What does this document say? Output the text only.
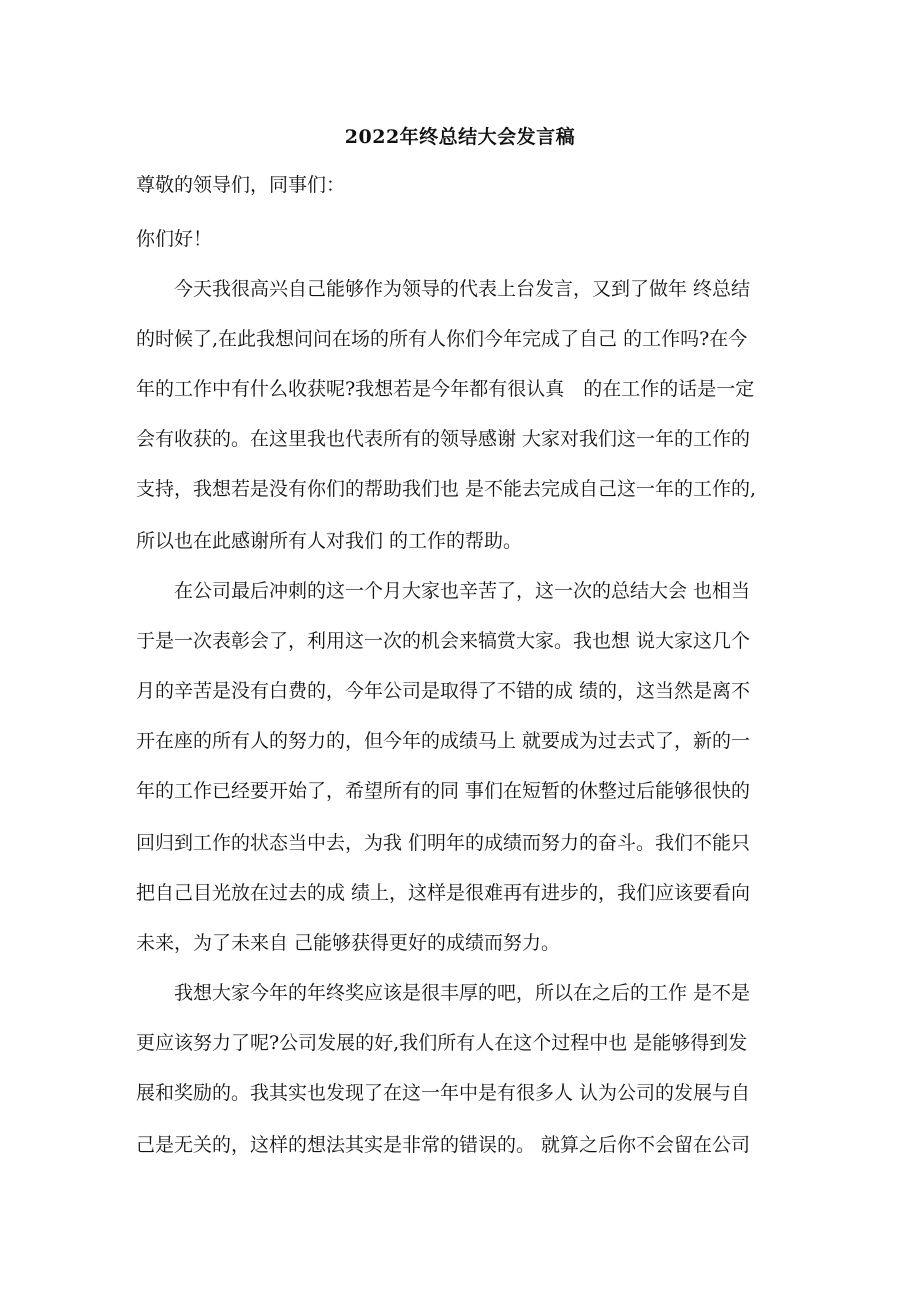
2022年终总结大会发言稿
尊敬的领导们，同事们：
你们好！
　　今天我很高兴自己能够作为领导的代表上台发言，又到了做年 终总结
的时候了,在此我想问问在场的所有人你们今年完成了自己 的工作吗?在今
年的工作中有什么收获呢?我想若是今年都有很认真　的在工作的话是一定
会有收获的。在这里我也代表所有的领导感谢 大家对我们这一年的工作的
支持，我想若是没有你们的帮助我们也 是不能去完成自己这一年的工作的,
所以也在此感谢所有人对我们 的工作的帮助。
　　在公司最后冲刺的这一个月大家也辛苦了，这一次的总结大会 也相当
于是一次表彰会了，利用这一次的机会来犒赏大家。我也想 说大家这几个
月的辛苦是没有白费的，今年公司是取得了不错的成 绩的，这当然是离不
开在座的所有人的努力的，但今年的成绩马上 就要成为过去式了，新的一
年的工作已经要开始了，希望所有的同 事们在短暂的休整过后能够很快的
回归到工作的状态当中去，为我 们明年的成绩而努力的奋斗。我们不能只
把自己目光放在过去的成 绩上，这样是很难再有进步的，我们应该要看向
未来，为了未来自 己能够获得更好的成绩而努力。
　　我想大家今年的年终奖应该是很丰厚的吧，所以在之后的工作 是不是
更应该努力了呢?公司发展的好,我们所有人在这个过程中也 是能够得到发
展和奖励的。我其实也发现了在这一年中是有很多人 认为公司的发展与自
己是无关的，这样的想法其实是非常的错误的。 就算之后你不会留在公司
